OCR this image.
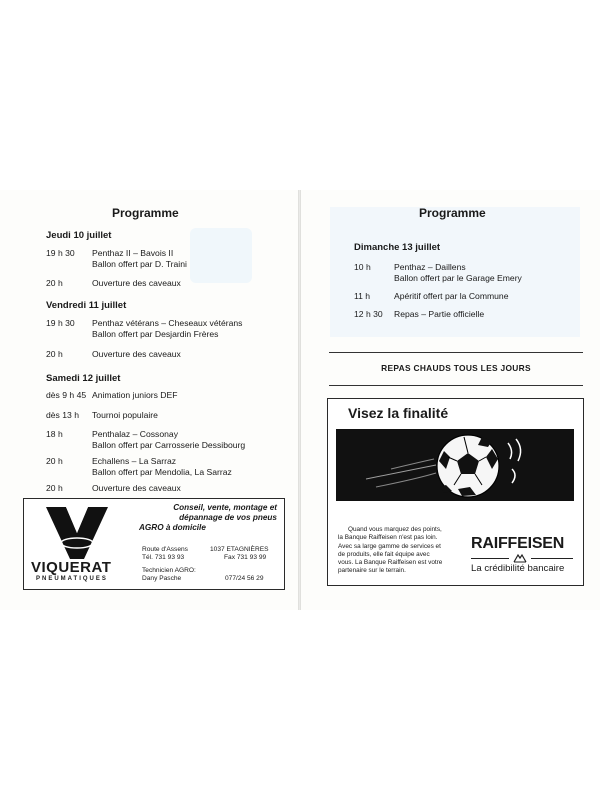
Programme
Jeudi 10 juillet
19 h 30 Penthaz II – Bavois II
Ballon offert par D. Traini
20 h	Ouverture des caveaux
Vendredi 11 juillet
19 h 30 Penthaz vétérans – Cheseaux vétérans
Ballon offert par Desjardin Frères
20 h	Ouverture des caveaux
Samedi 12 juillet
dès 9 h 45 Animation juniors DEF
dès 13 h Tournoi populaire
18 h	Penthalaz – Cossonay
Ballon offert par Carrosserie Dessibourg
20 h	Echallens – La Sarraz
Ballon offert par Mendolia, La Sarraz
20 h	Ouverture des caveaux
VIQUERAT
PNEUMATIQUES
Conseil, vente, montage et
dépannage de vos pneus
AGRO à domicile
Route d'Assens	1037 ETAGNIÈRES
Tél. 731 93 93	Fax 731 93 99
Technicien AGRO:
Dany Pasche	077/24 56 29
Programme
Dimanche 13 juillet
10 h	Penthaz – Daillens
Ballon offert par le Garage Emery
11 h	Apéritif offert par la Commune
12 h 30 Repas – Partie officielle
REPAS CHAUDS TOUS LES JOURS
Visez la finalité
Quand vous marquez des points,
la Banque Raiffeisen n'est pas loin.
Avec sa large gamme de services et
de produits, elle fait équipe avec
vous. La Banque Raiffeisen est votre
partenaire sur le terrain.
RAIFFEISEN
La crédibilité bancaire
